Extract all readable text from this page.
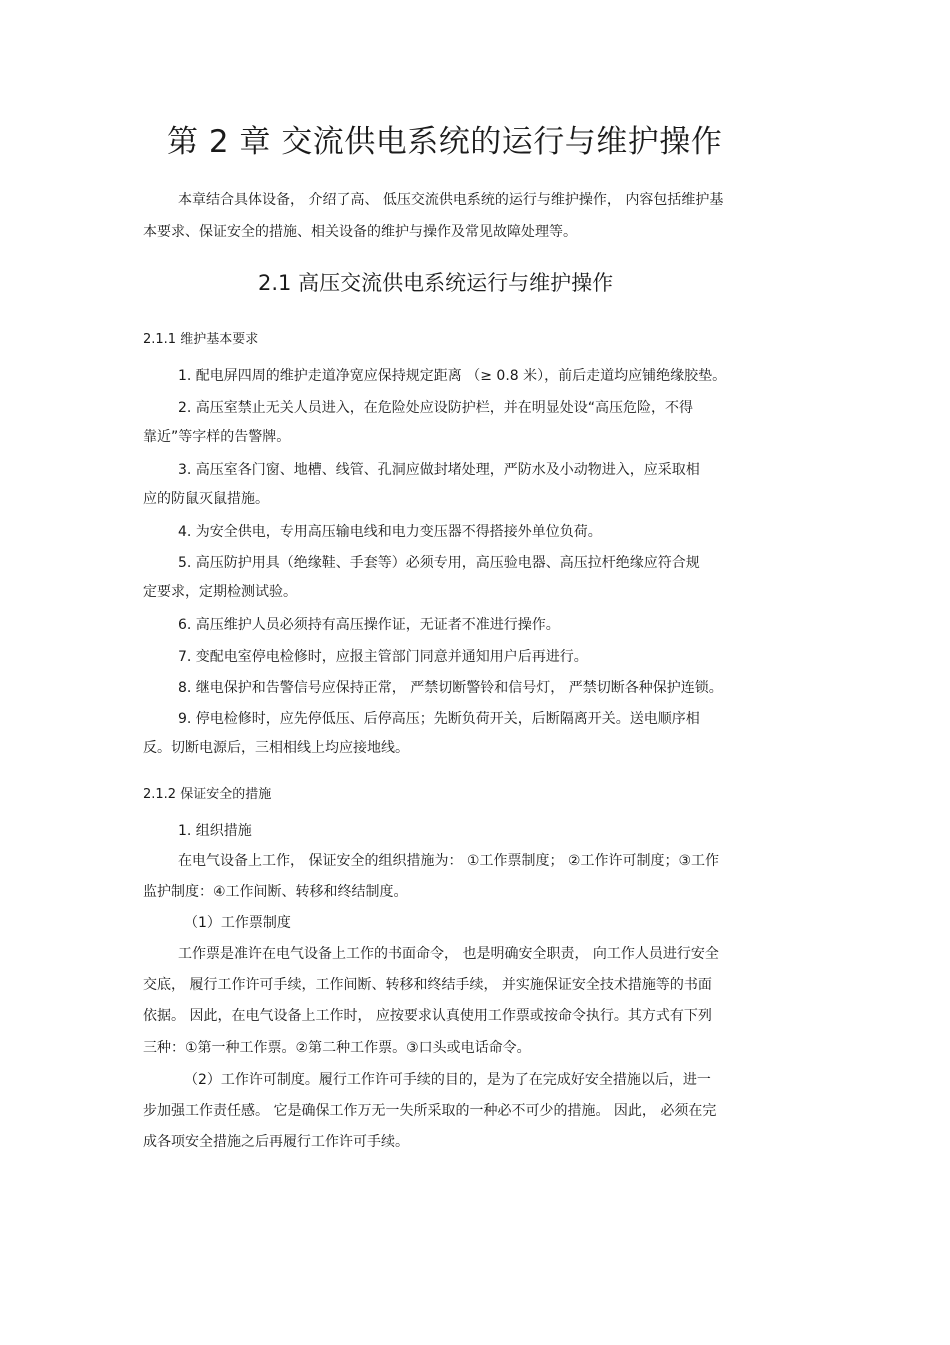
第 2 章 交流供电系统的运行与维护操作
本章结合具体设备， 介绍了高、 低压交流供电系统的运行与维护操作， 内容包括维护基
本要求、保证安全的措施、相关设备的维护与操作及常见故障处理等。
2.1 高压交流供电系统运行与维护操作
2.1.1 维护基本要求
1. 配电屏四周的维护走道净宽应保持规定距离 （≥ 0.8 米），前后走道均应铺绝缘胶垫。
2. 高压室禁止无关人员进入，在危险处应设防护栏，并在明显处设“高压危险，不得
靠近”等字样的告警牌。
3. 高压室各门窗、地槽、线管、孔洞应做封堵处理，严防水及小动物进入，应采取相
应的防鼠灭鼠措施。
4. 为安全供电，专用高压输电线和电力变压器不得搭接外单位负荷。
5. 高压防护用具（绝缘鞋、手套等）必须专用，高压验电器、高压拉杆绝缘应符合规
定要求，定期检测试验。
6. 高压维护人员必须持有高压操作证，无证者不准进行操作。
7. 变配电室停电检修时，应报主管部门同意并通知用户后再进行。
8. 继电保护和告警信号应保持正常， 严禁切断警铃和信号灯， 严禁切断各种保护连锁。
9. 停电检修时，应先停低压、后停高压；先断负荷开关，后断隔离开关。送电顺序相
反。切断电源后，三相相线上均应接地线。
2.1.2 保证安全的措施
1. 组织措施
在电气设备上工作， 保证安全的组织措施为： ①工作票制度； ②工作许可制度；③工作
监护制度：④工作间断、转移和终结制度。
（1）工作票制度
工作票是准许在电气设备上工作的书面命令， 也是明确安全职责， 向工作人员进行安全
交底， 履行工作许可手续，工作间断、转移和终结手续， 并实施保证安全技术措施等的书面
依据。 因此，在电气设备上工作时， 应按要求认真使用工作票或按命令执行。其方式有下列
三种：①第一种工作票。②第二种工作票。③口头或电话命令。
（2）工作许可制度。履行工作许可手续的目的，是为了在完成好安全措施以后，进一
步加强工作责任感。 它是确保工作万无一失所采取的一种必不可少的措施。 因此， 必须在完
成各项安全措施之后再履行工作许可手续。
